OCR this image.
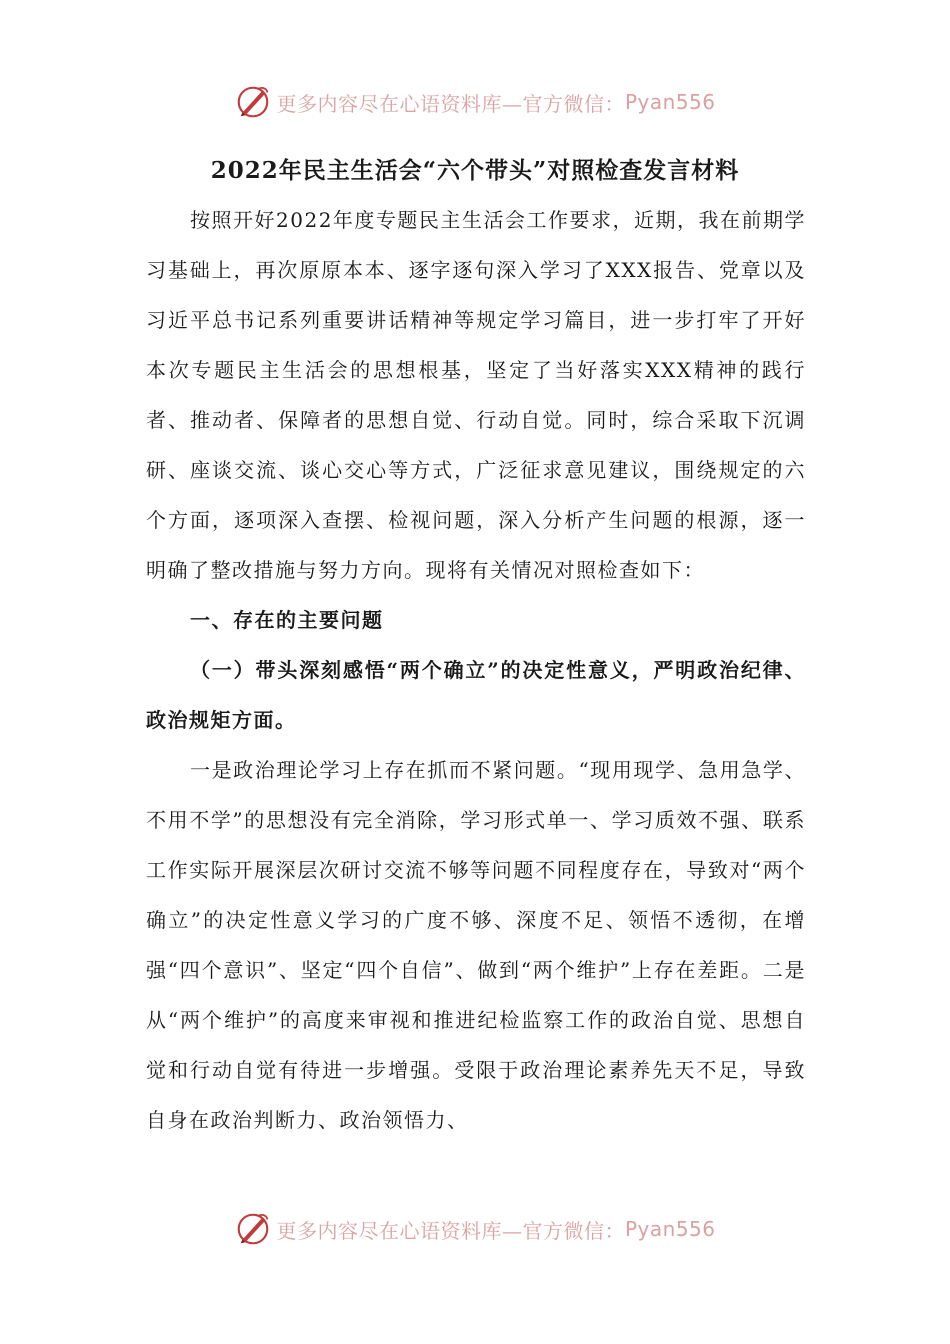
更多内容尽在心语资料库—官方微信： Pyan556
2022年民主生活会“六个带头”对照检查发言材料

按照开好2022年度专题民主生活会工作要求，近期，我在前期学习基础上，再次原原本本、逐字逐句深入学习了XXX报告、党章以及习近平总书记系列重要讲话精神等规定学习篇目，进一步打牢了开好本次专题民主生活会的思想根基，坚定了当好落实XXX精神的践行者、推动者、保障者的思想自觉、行动自觉。同时，综合采取下沉调研、座谈交流、谈心交心等方式，广泛征求意见建议，围绕规定的六个方面，逐项深入查摆、检视问题，深入分析产生问题的根源，逐一明确了整改措施与努力方向。现将有关情况对照检查如下：

一、存在的主要问题

（一）带头深刻感悟“两个确立”的决定性意义，严明政治纪律、政治规矩方面。

一是政治理论学习上存在抓而不紧问题。“现用现学、急用急学、不用不学”的思想没有完全消除，学习形式单一、学习质效不强、联系工作实际开展深层次研讨交流不够等问题不同程度存在，导致对“两个确立”的决定性意义学习的广度不够、深度不足、领悟不透彻，在增强“四个意识”、坚定“四个自信”、做到“两个维护”上存在差距。二是从“两个维护”的高度来审视和推进纪检监察工作的政治自觉、思想自觉和行动自觉有待进一步增强。受限于政治理论素养先天不足，导致自身在政治判断力、政治领悟力、

更多内容尽在心语资料库—官方微信： Pyan556
